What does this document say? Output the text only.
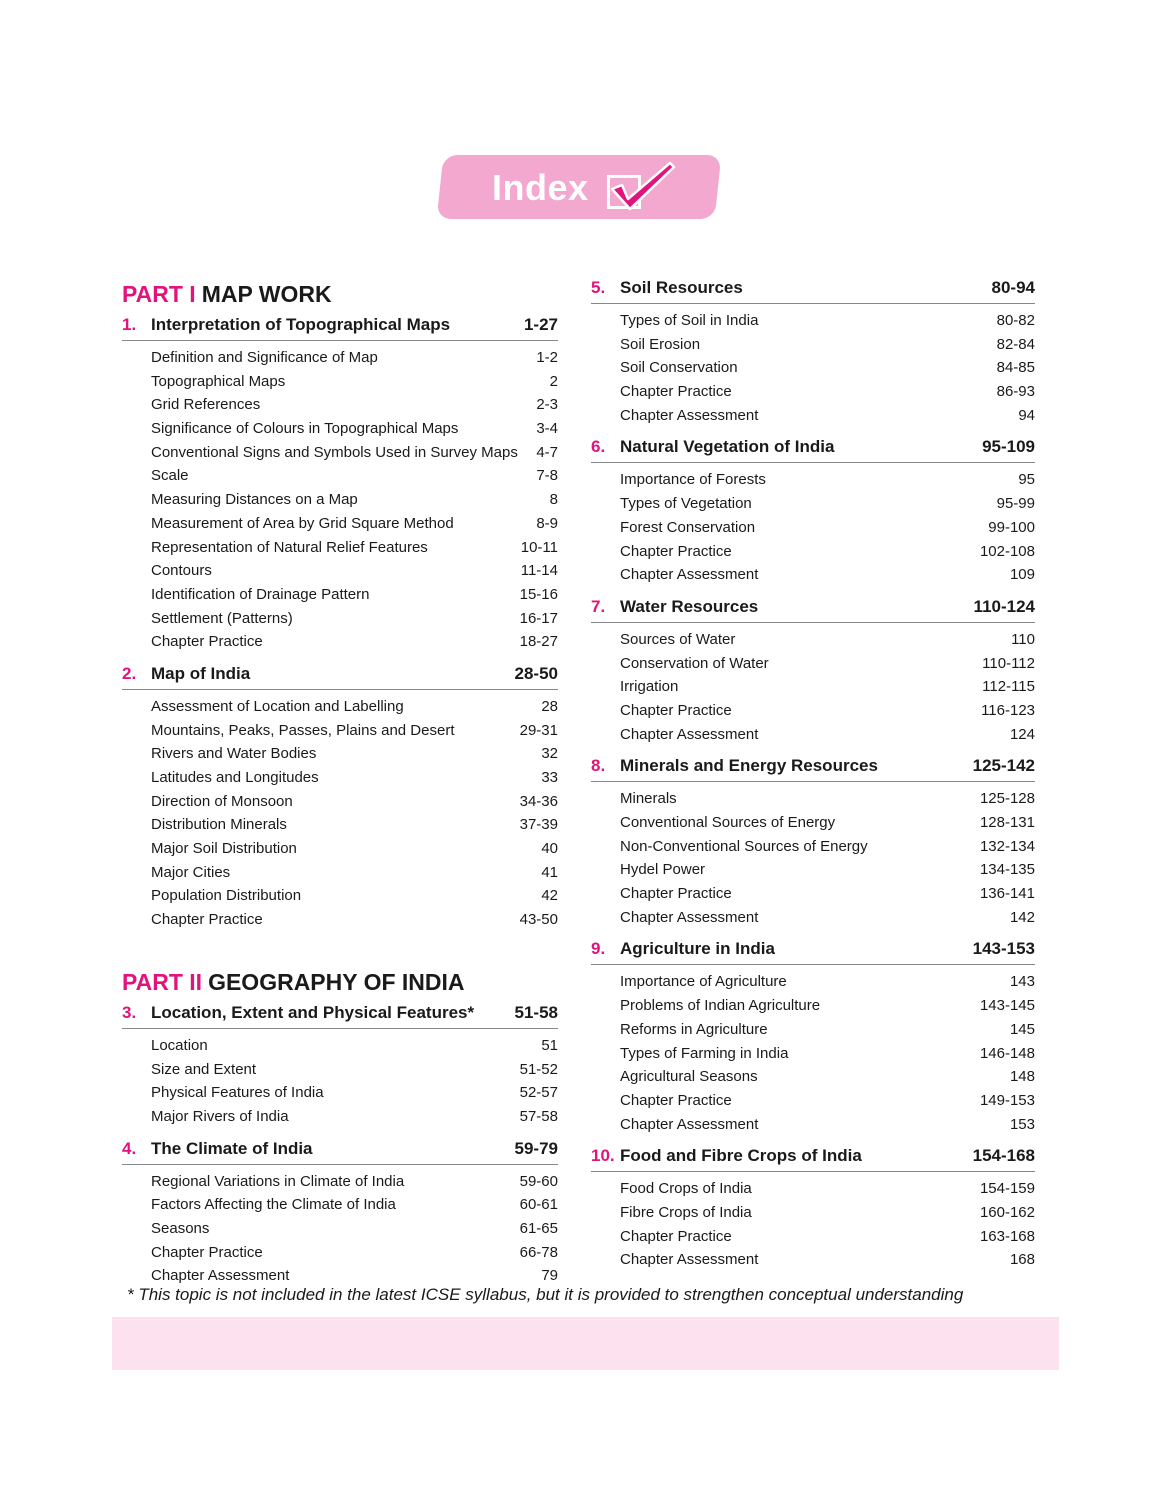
Index
PART I MAP WORK
1. Interpretation of Topographical Maps	1-27
Definition and Significance of Map	1-2
Topographical Maps	2
Grid References	2-3
Significance of Colours in Topographical Maps	3-4
Conventional Signs and Symbols Used in Survey Maps	4-7
Scale	7-8
Measuring Distances on a Map	8
Measurement of Area by Grid Square Method	8-9
Representation of Natural Relief Features	10-11
Contours	11-14
Identification of Drainage Pattern	15-16
Settlement (Patterns)	16-17
Chapter Practice	18-27
2. Map of India	28-50
Assessment of Location and Labelling	28
Mountains, Peaks, Passes, Plains and Desert	29-31
Rivers and Water Bodies	32
Latitudes and Longitudes	33
Direction of Monsoon	34-36
Distribution Minerals	37-39
Major Soil Distribution	40
Major Cities	41
Population Distribution	42
Chapter Practice	43-50
PART II GEOGRAPHY OF INDIA
3. Location, Extent and Physical Features*	51-58
Location	51
Size and Extent	51-52
Physical Features of India	52-57
Major Rivers of India	57-58
4. The Climate of India	59-79
Regional Variations in Climate of India	59-60
Factors Affecting the Climate of India	60-61
Seasons	61-65
Chapter Practice	66-78
Chapter Assessment	79
5. Soil Resources	80-94
Types of Soil in India	80-82
Soil Erosion	82-84
Soil Conservation	84-85
Chapter Practice	86-93
Chapter Assessment	94
6. Natural Vegetation of India	95-109
Importance of Forests	95
Types of Vegetation	95-99
Forest Conservation	99-100
Chapter Practice	102-108
Chapter Assessment	109
7. Water Resources	110-124
Sources of Water	110
Conservation of Water	110-112
Irrigation	112-115
Chapter Practice	116-123
Chapter Assessment	124
8. Minerals and Energy Resources	125-142
Minerals	125-128
Conventional Sources of Energy	128-131
Non-Conventional Sources of Energy	132-134
Hydel Power	134-135
Chapter Practice	136-141
Chapter Assessment	142
9. Agriculture in India	143-153
Importance of Agriculture	143
Problems of Indian Agriculture	143-145
Reforms in Agriculture	145
Types of Farming in India	146-148
Agricultural Seasons	148
Chapter Practice	149-153
Chapter Assessment	153
10. Food and Fibre Crops of India	154-168
Food Crops of India	154-159
Fibre Crops of India	160-162
Chapter Practice	163-168
Chapter Assessment	168
* This topic is not included in the latest ICSE syllabus, but it is provided to strengthen conceptual understanding
